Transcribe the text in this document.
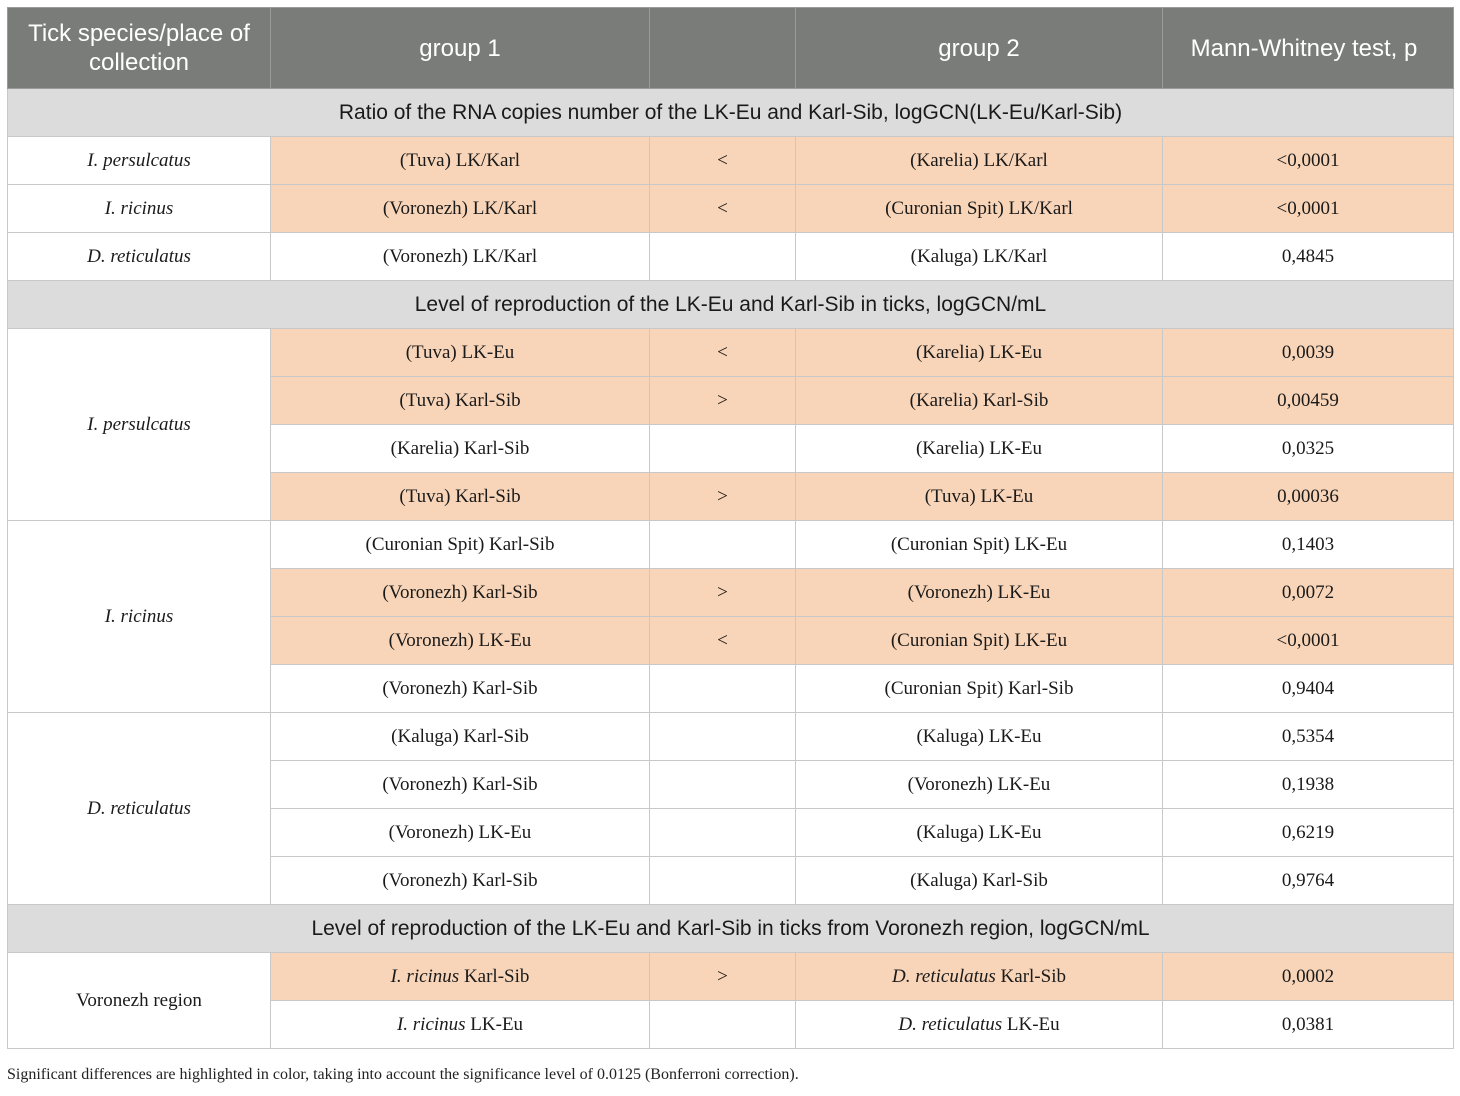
Tick species/place of collection	group 1		group 2	Mann-Whitney test, p
Ratio of the RNA copies number of the LK-Eu and Karl-Sib, logGCN(LK-Eu/Karl-Sib)				
I. persulcatus	(Tuva) LK/Karl	<	(Karelia) LK/Karl	<0,0001
I. ricinus	(Voronezh) LK/Karl	<	(Curonian Spit) LK/Karl	<0,0001
D. reticulatus	(Voronezh) LK/Karl		(Kaluga) LK/Karl	0,4845
Level of reproduction of the LK-Eu and Karl-Sib in ticks, logGCN/mL				
I. persulcatus	(Tuva) LK-Eu	<	(Karelia) LK-Eu	0,0039
	(Tuva) Karl-Sib	>	(Karelia) Karl-Sib	0,00459
	(Karelia) Karl-Sib		(Karelia) LK-Eu	0,0325
	(Tuva) Karl-Sib	>	(Tuva) LK-Eu	0,00036
I. ricinus	(Curonian Spit) Karl-Sib		(Curonian Spit) LK-Eu	0,1403
	(Voronezh) Karl-Sib	>	(Voronezh) LK-Eu	0,0072
	(Voronezh) LK-Eu	<	(Curonian Spit) LK-Eu	<0,0001
	(Voronezh) Karl-Sib		(Curonian Spit) Karl-Sib	0,9404
D. reticulatus	(Kaluga) Karl-Sib		(Kaluga) LK-Eu	0,5354
	(Voronezh) Karl-Sib		(Voronezh) LK-Eu	0,1938
	(Voronezh) LK-Eu		(Kaluga) LK-Eu	0,6219
	(Voronezh) Karl-Sib		(Kaluga) Karl-Sib	0,9764
Level of reproduction of the LK-Eu and Karl-Sib in ticks from Voronezh region, logGCN/mL				
Voronezh region	I. ricinus Karl-Sib	>	D. reticulatus Karl-Sib	0,0002
	I. ricinus LK-Eu		D. reticulatus LK-Eu	0,0381
Significant differences are highlighted in color, taking into account the significance level of 0.0125 (Bonferroni correction).
